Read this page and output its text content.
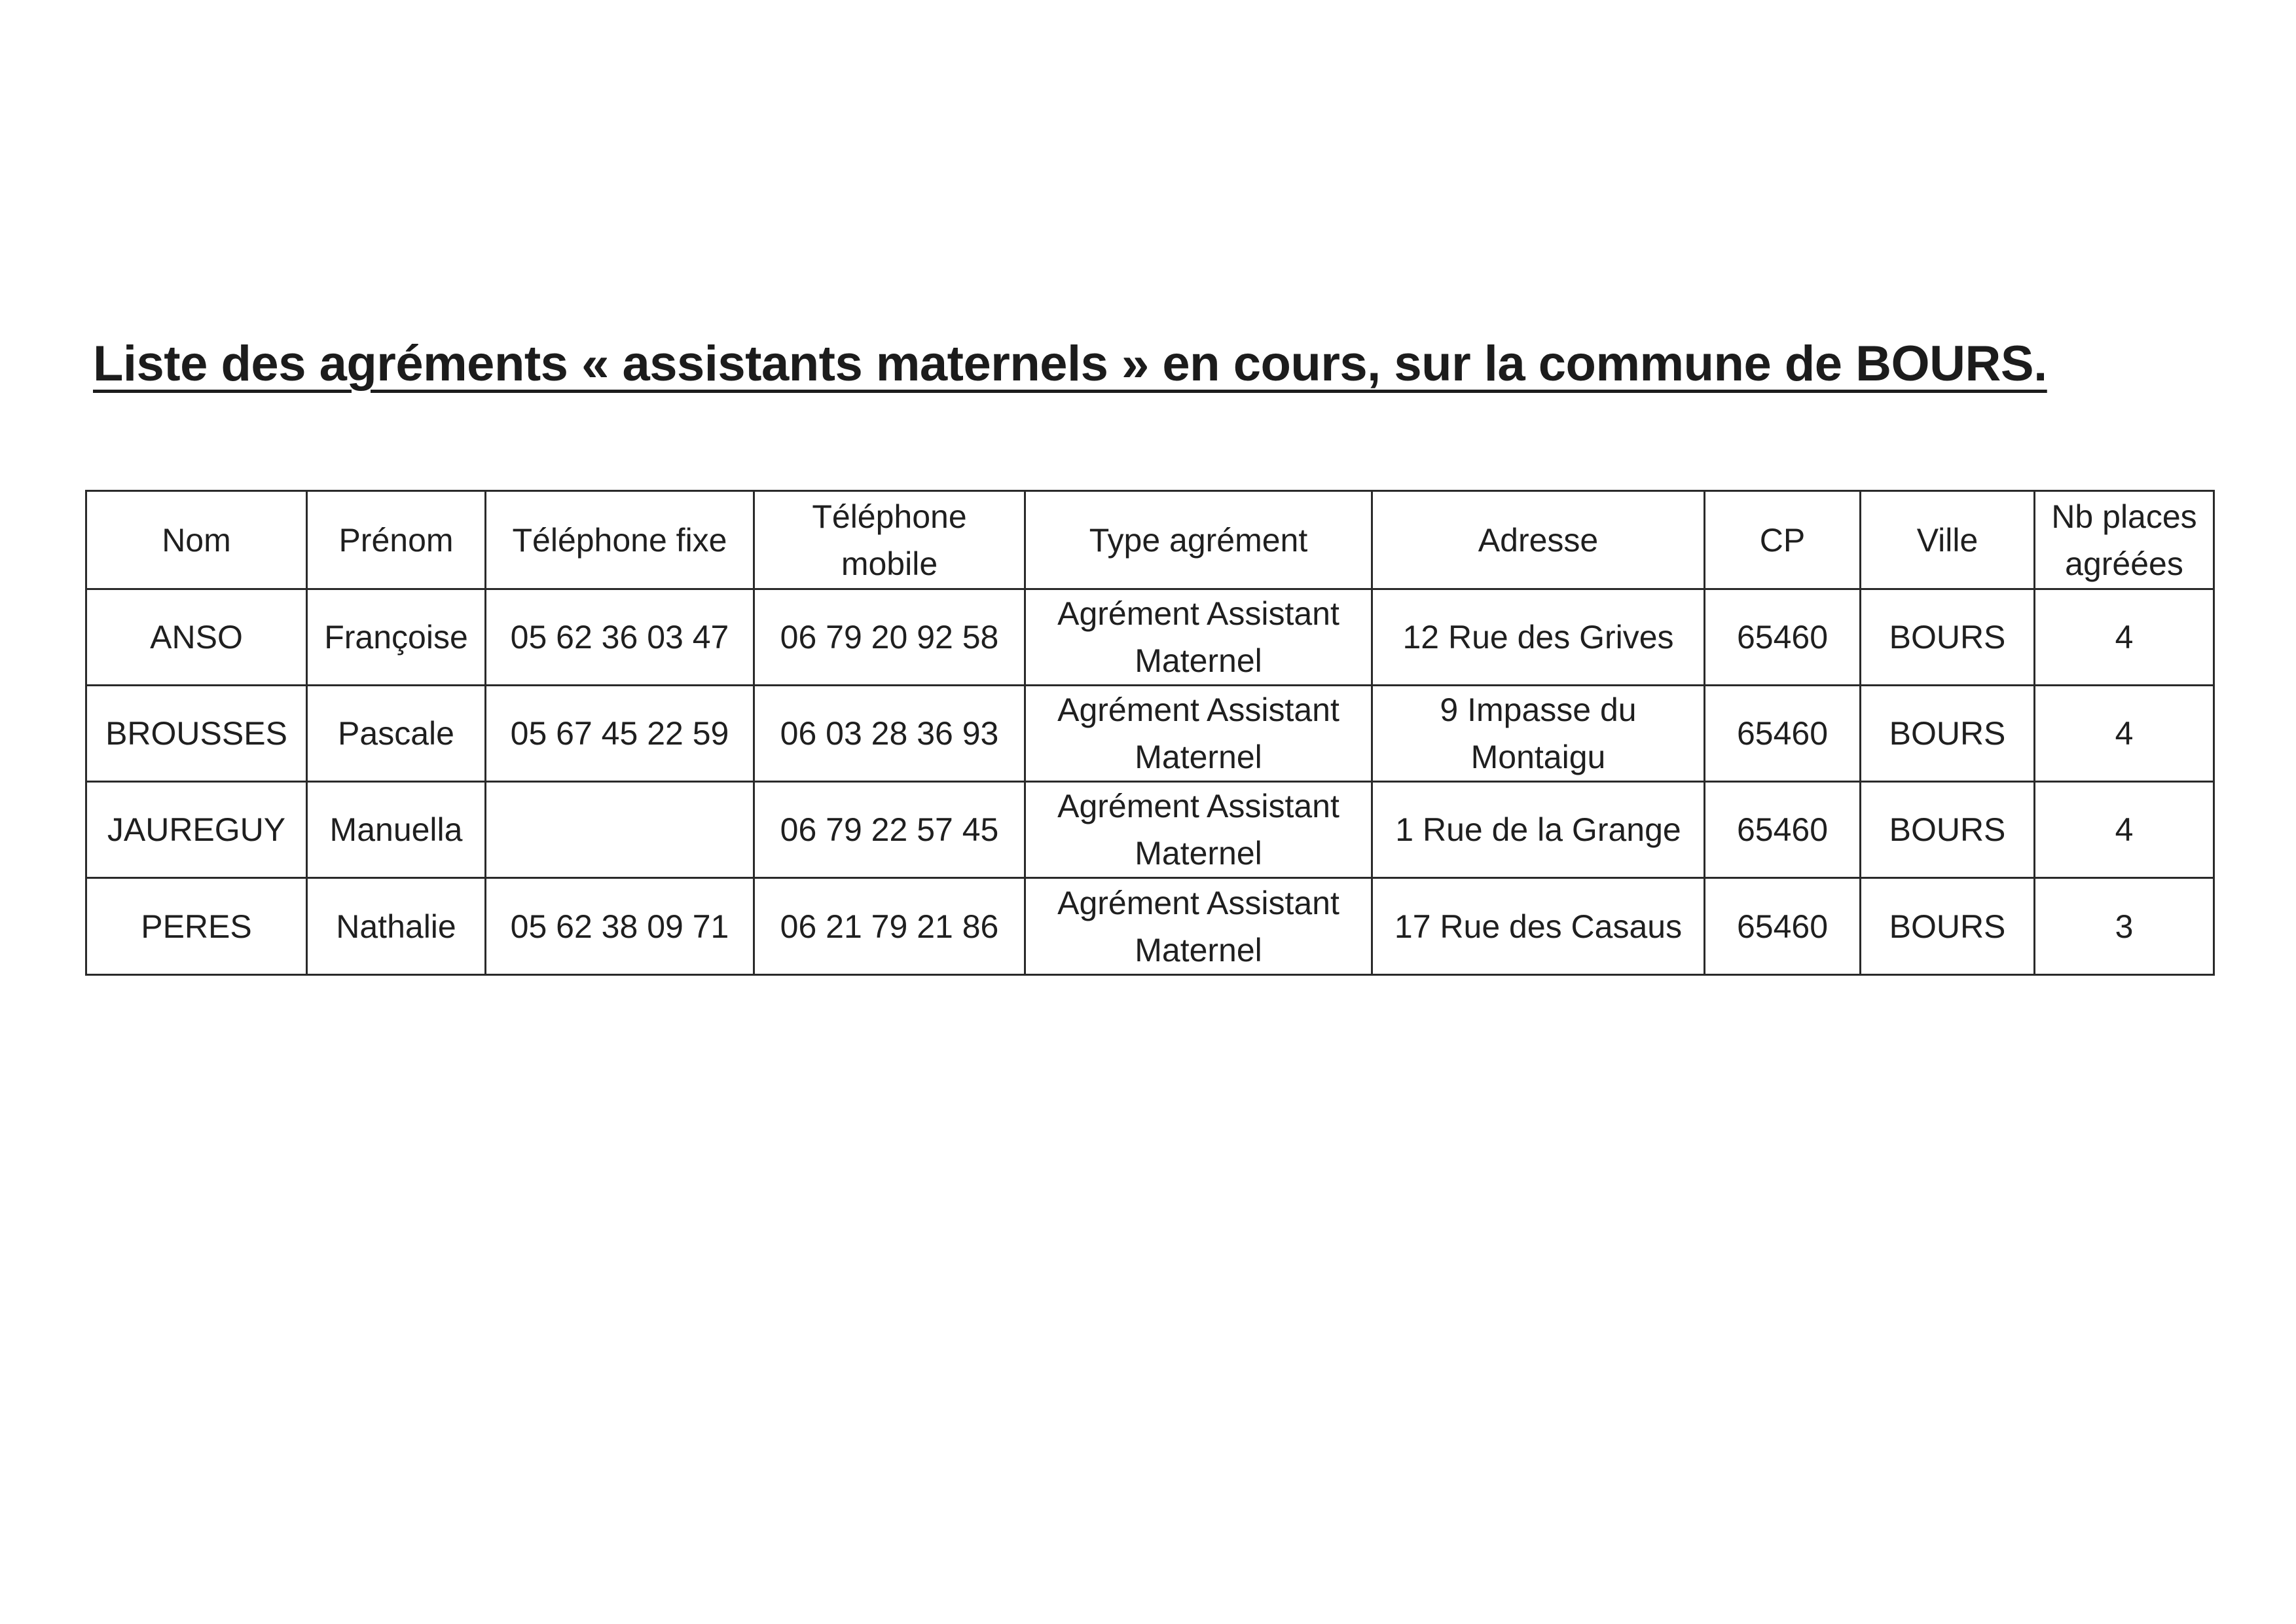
Liste des agréments « assistants maternels » en cours, sur la commune de BOURS.
Nom	Prénom	Téléphone fixe	Téléphone mobile	Type agrément	Adresse	CP	Ville	Nb places agréées
ANSO	Françoise	05 62 36 03 47	06 79 20 92 58	Agrément Assistant Maternel	12 Rue des Grives	65460	BOURS	4
BROUSSES	Pascale	05 67 45 22 59	06 03 28 36 93	Agrément Assistant Maternel	9 Impasse du Montaigu	65460	BOURS	4
JAUREGUY	Manuella		06 79 22 57 45	Agrément Assistant Maternel	1 Rue de la Grange	65460	BOURS	4
PERES	Nathalie	05 62 38 09 71	06 21 79 21 86	Agrément Assistant Maternel	17 Rue des Casaus	65460	BOURS	3
